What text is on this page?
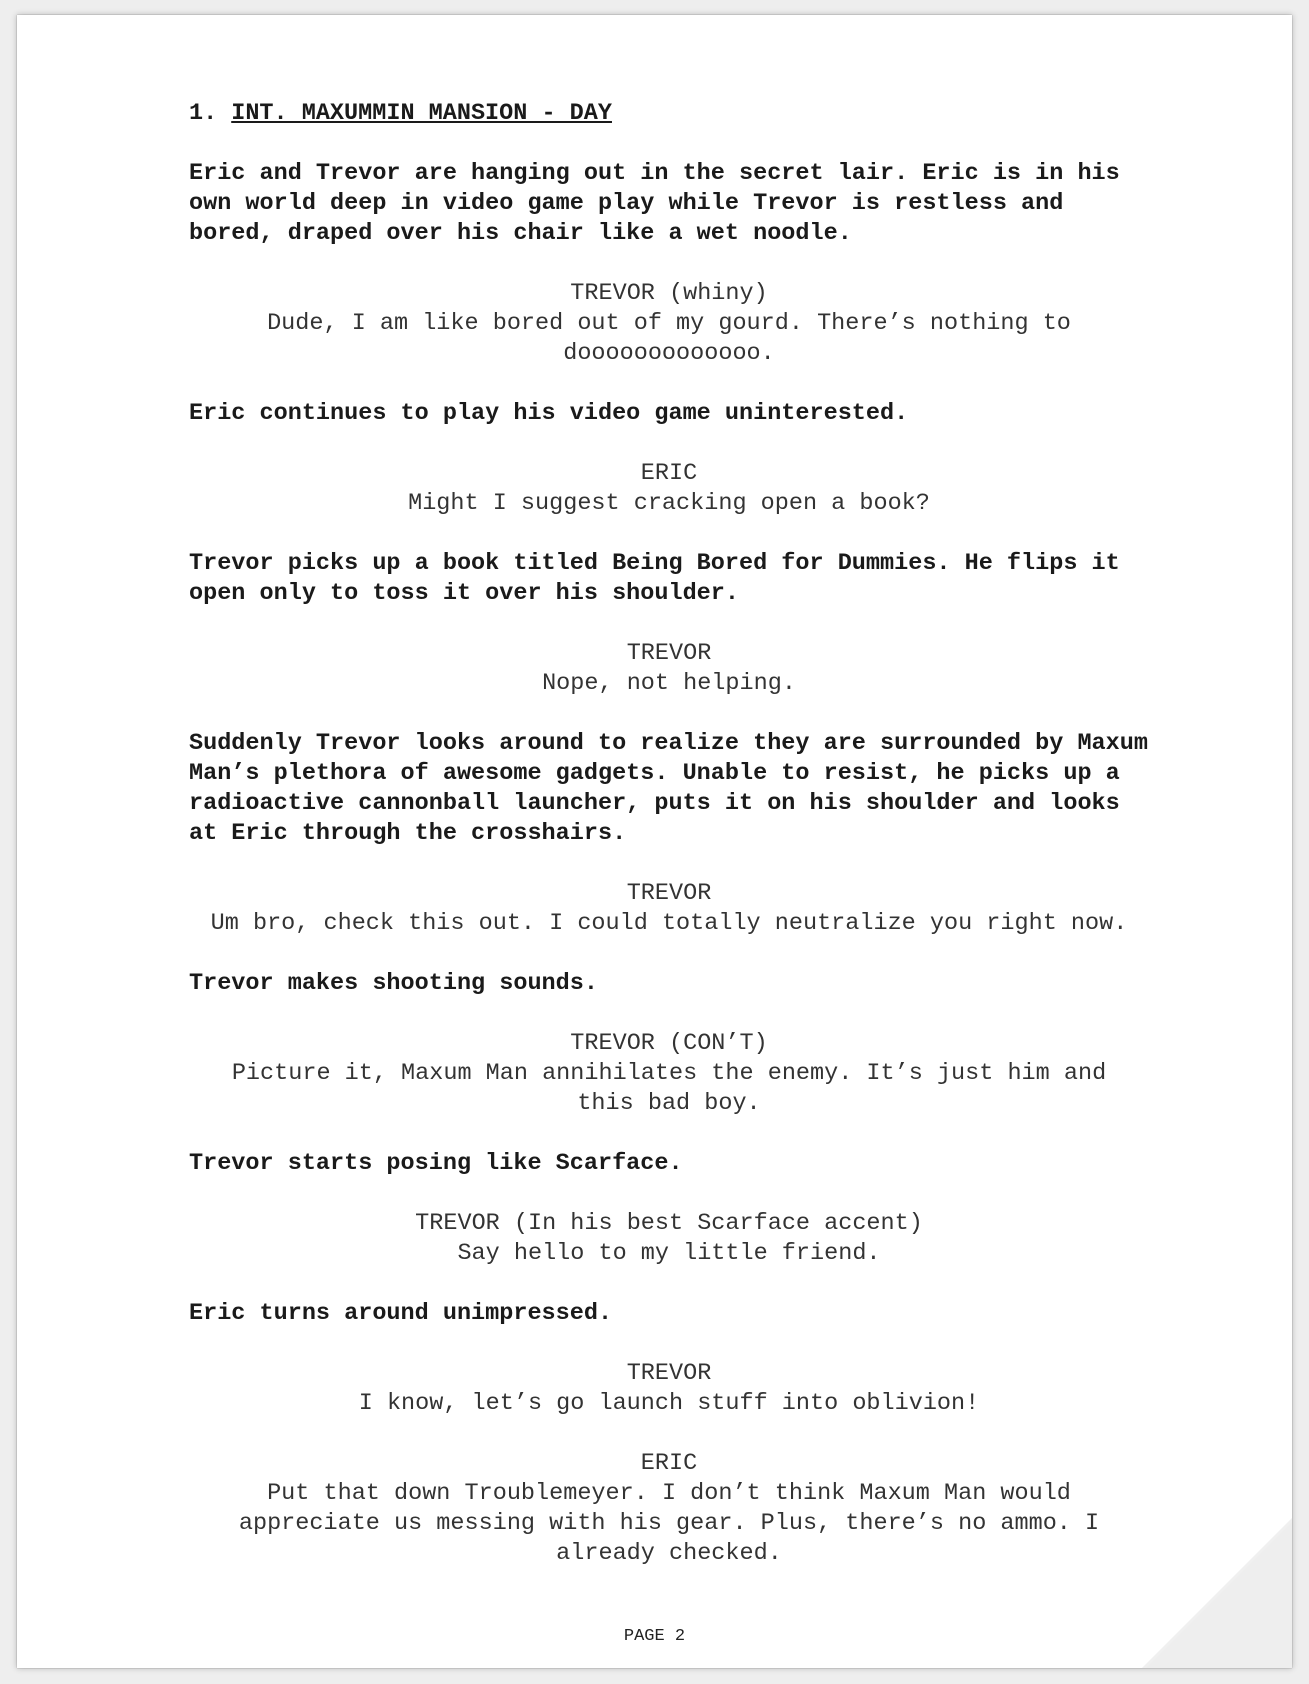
1. INT. MAXUMMIN MANSION - DAY
Eric and Trevor are hanging out in the secret lair. Eric is in his own world deep in video game play while Trevor is restless and bored, draped over his chair like a wet noodle.
TREVOR (whiny)
Dude, I am like bored out of my gourd. There’s nothing to dooooooooooooo.
Eric continues to play his video game uninterested.
ERIC
Might I suggest cracking open a book?
Trevor picks up a book titled Being Bored for Dummies. He flips it open only to toss it over his shoulder.
TREVOR
Nope, not helping.
Suddenly Trevor looks around to realize they are surrounded by Maxum Man’s plethora of awesome gadgets. Unable to resist, he picks up a radioactive cannonball launcher, puts it on his shoulder and looks at Eric through the crosshairs.
TREVOR
Um bro, check this out. I could totally neutralize you right now.
Trevor makes shooting sounds.
TREVOR (CON’T)
Picture it, Maxum Man annihilates the enemy. It’s just him and this bad boy.
Trevor starts posing like Scarface.
TREVOR (In his best Scarface accent)
Say hello to my little friend.
Eric turns around unimpressed.
TREVOR
I know, let’s go launch stuff into oblivion!
ERIC
Put that down Troublemeyer. I don’t think Maxum Man would appreciate us messing with his gear. Plus, there’s no ammo. I already checked.
PAGE 2
